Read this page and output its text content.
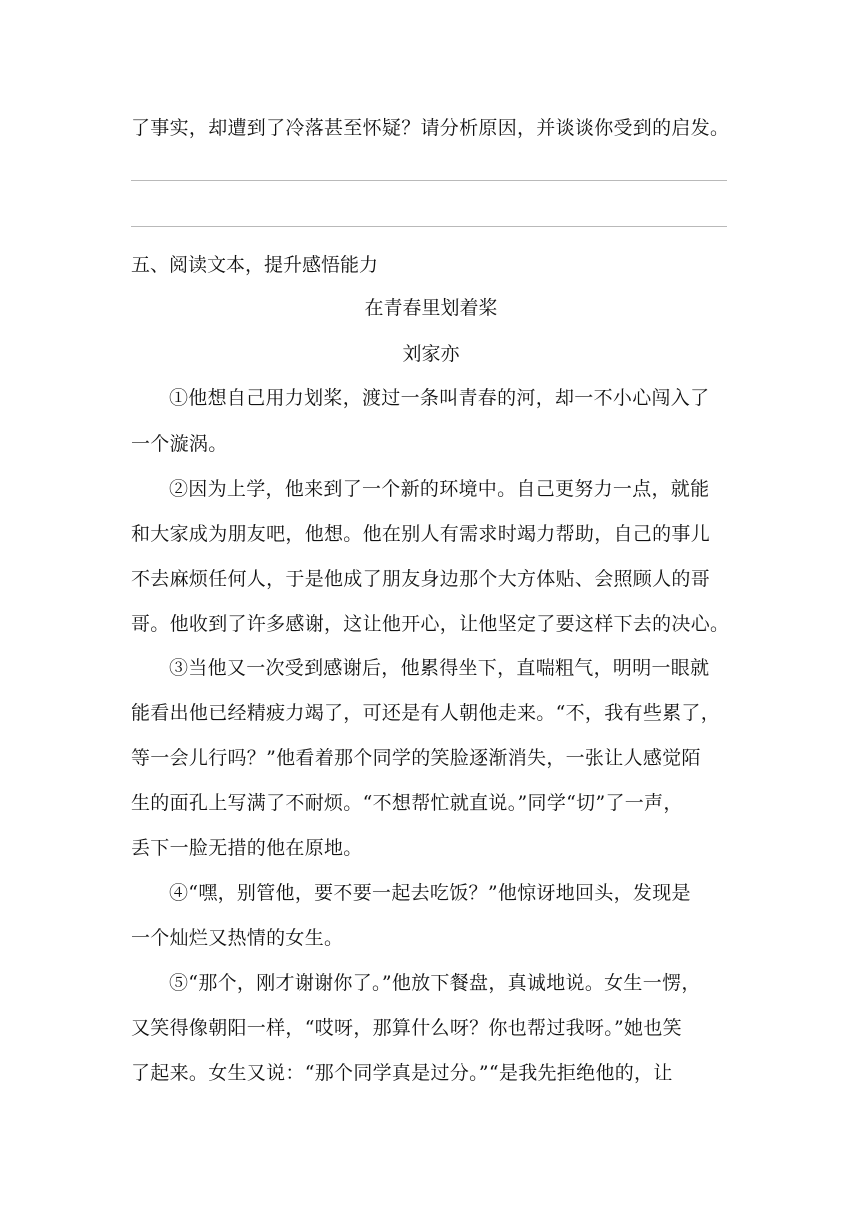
了事实，却遭到了冷落甚至怀疑？请分析原因，并谈谈你受到的启发。
五、阅读文本，提升感悟能力
在青春里划着桨
刘家亦
①他想自己用力划桨，渡过一条叫青春的河，却一不小心闯入了
一个漩涡。
②因为上学，他来到了一个新的环境中。自己更努力一点，就能
和大家成为朋友吧，他想。他在别人有需求时竭力帮助，自己的事儿
不去麻烦任何人，于是他成了朋友身边那个大方体贴、会照顾人的哥
哥。他收到了许多感谢，这让他开心，让他坚定了要这样下去的决心。
③当他又一次受到感谢后，他累得坐下，直喘粗气，明明一眼就
能看出他已经精疲力竭了，可还是有人朝他走来。“不，我有些累了，
等一会儿行吗？”他看着那个同学的笑脸逐渐消失，一张让人感觉陌
生的面孔上写满了不耐烦。“不想帮忙就直说。”同学“切”了一声，
丢下一脸无措的他在原地。
④“嘿，别管他，要不要一起去吃饭？”他惊讶地回头，发现是
一个灿烂又热情的女生。
⑤“那个，刚才谢谢你了。”他放下餐盘，真诚地说。女生一愣，
又笑得像朝阳一样，“哎呀，那算什么呀？你也帮过我呀。”她也笑
了起来。女生又说：“那个同学真是过分。”“是我先拒绝他的，让
